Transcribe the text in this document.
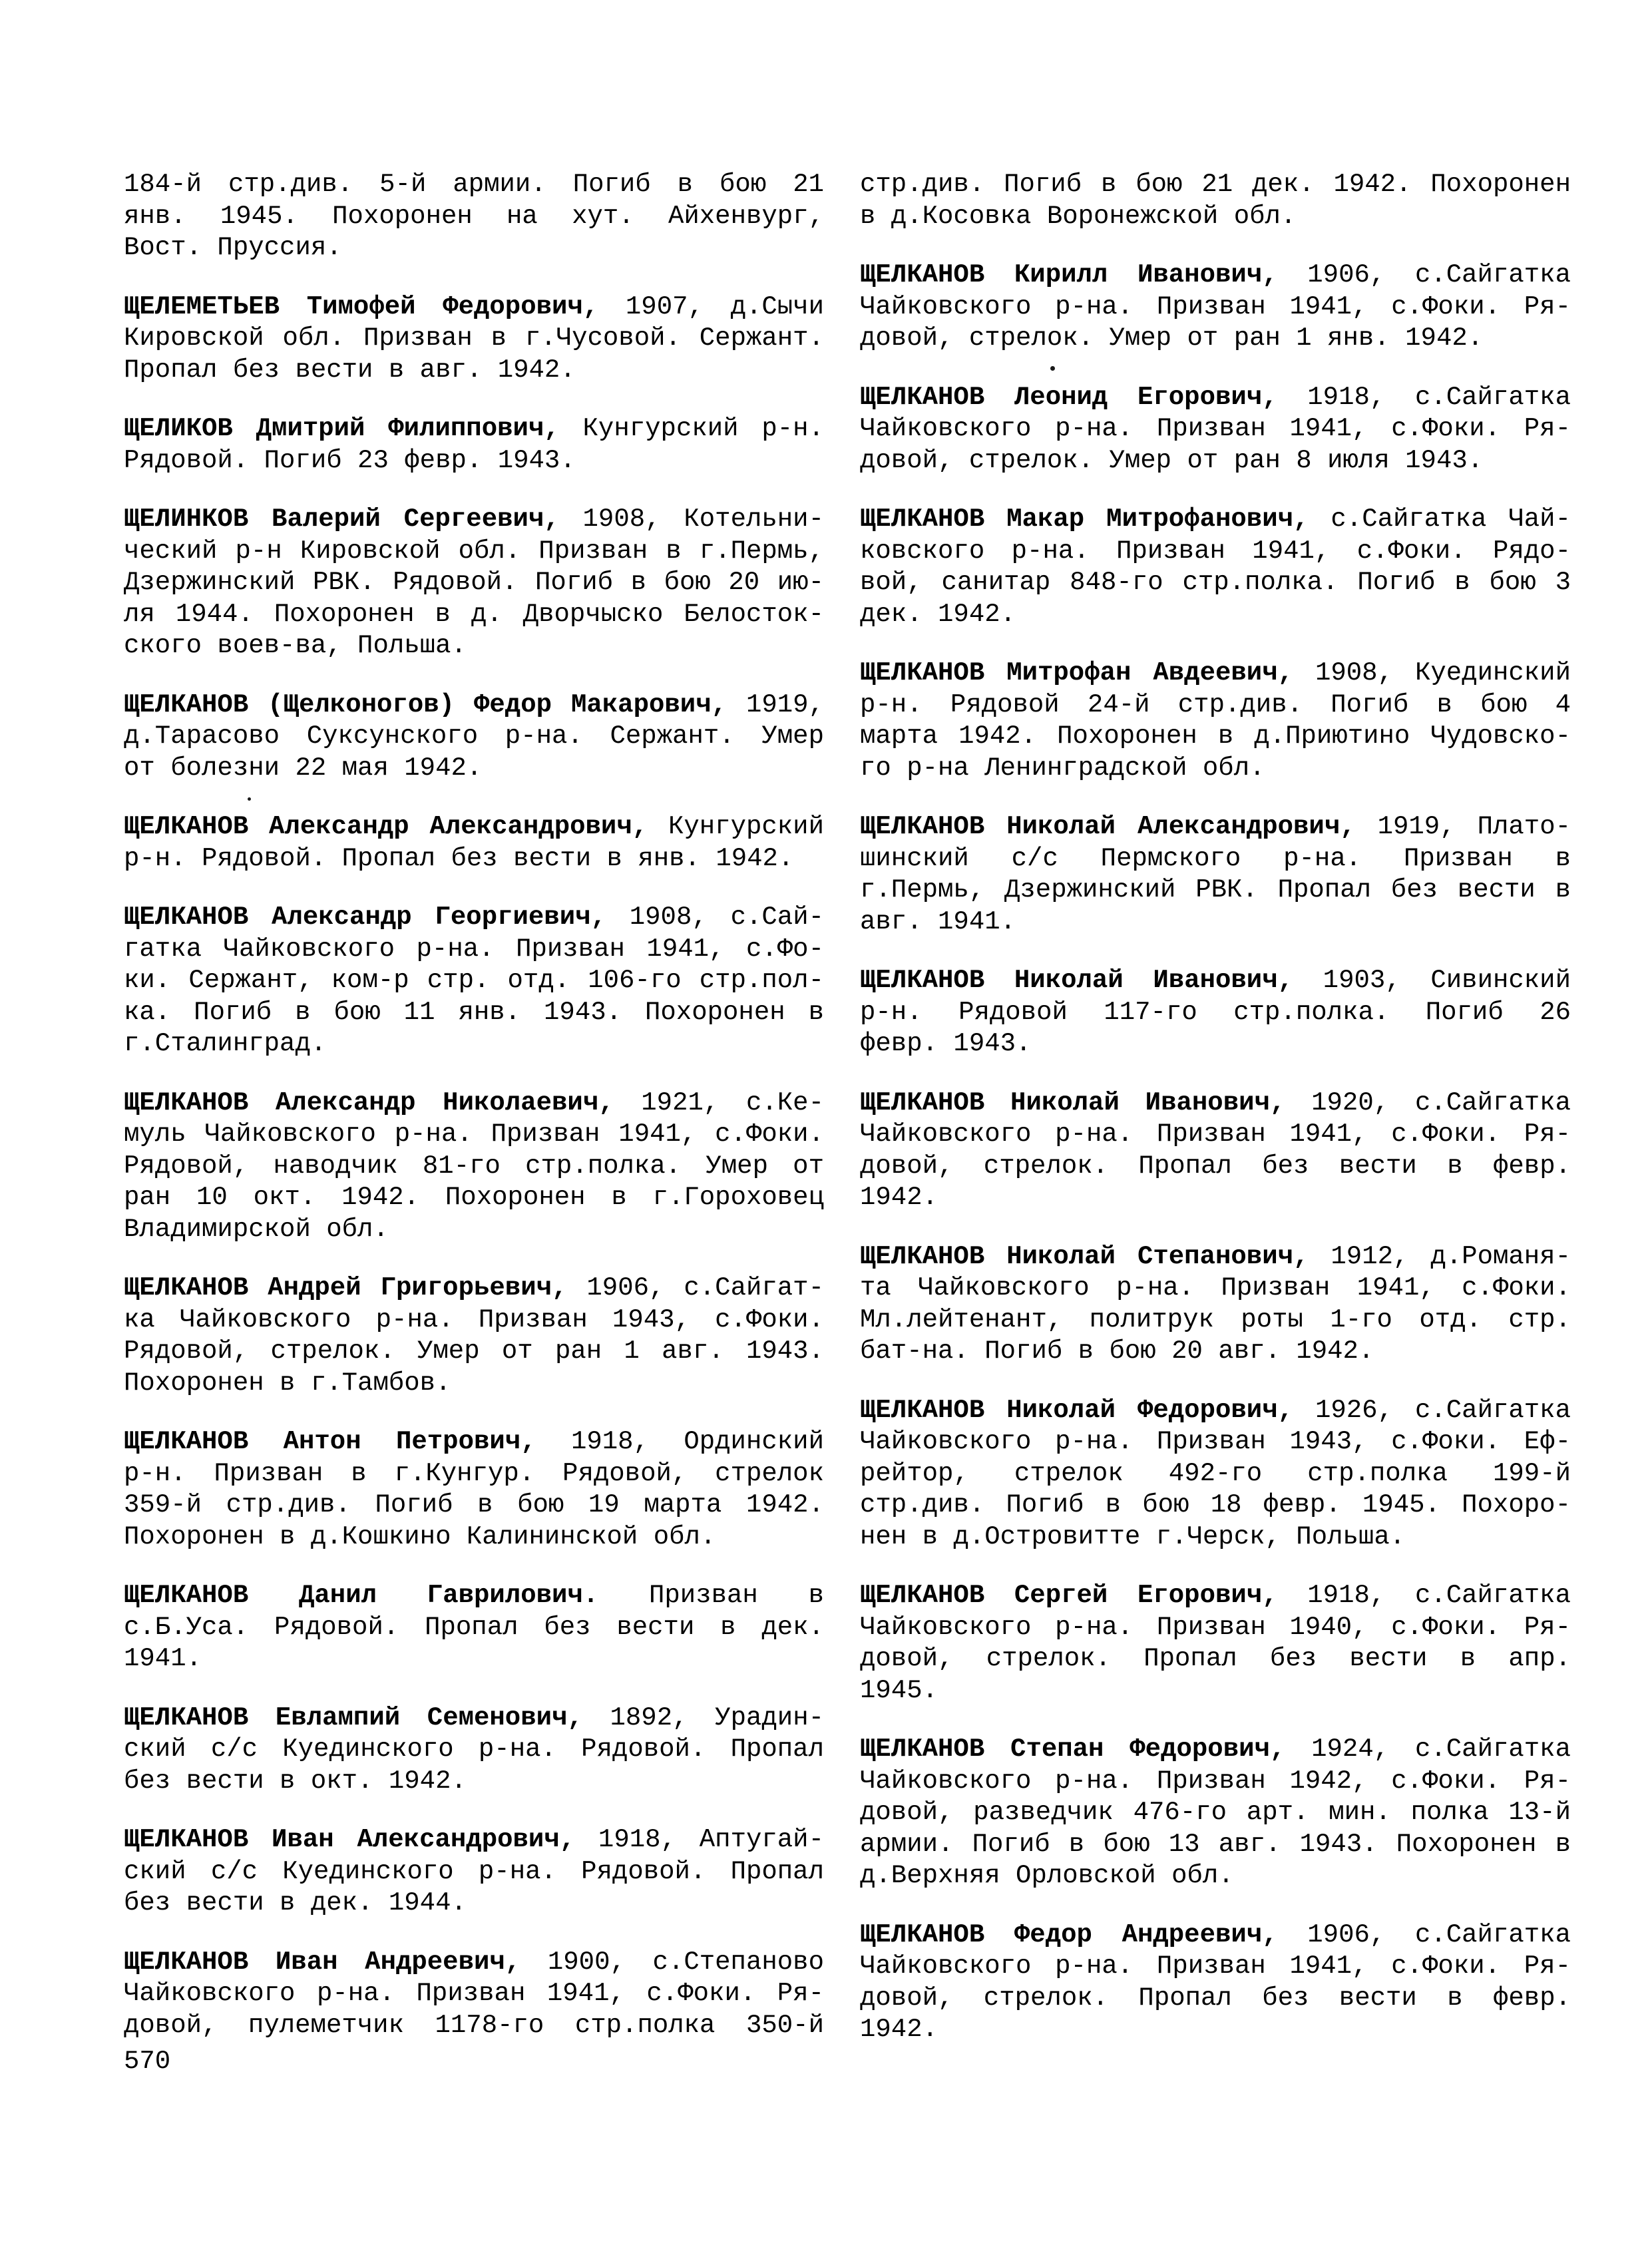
184-й стр.див. 5-й армии. Погиб в бою 21
янв. 1945. Похоронен на хут. Айхенвург,
Вост. Пруссия.
ЩЕЛЕМЕТЬЕВ Тимофей Федорович, 1907, д.Сычи
Кировской обл. Призван в г.Чусовой. Сержант.
Пропал без вести в авг. 1942.
ЩЕЛИКОВ Дмитрий Филиппович, Кунгурский р-н.
Рядовой. Погиб 23 февр. 1943.
ЩЕЛИНКОВ Валерий Сергеевич, 1908, Котельни-
ческий р-н Кировской обл. Призван в г.Пермь,
Дзержинский РВК. Рядовой. Погиб в бою 20 ию-
ля 1944. Похоронен в д. Дворчыско Белосток-
ского воев-ва, Польша.
ЩЕЛКАНОВ (Щелконогов) Федор Макарович, 1919,
д.Тарасово Суксунского р-на. Сержант. Умер
от болезни 22 мая 1942.
ЩЕЛКАНОВ Александр Александрович, Кунгурский
р-н. Рядовой. Пропал без вести в янв. 1942.
ЩЕЛКАНОВ Александр Георгиевич, 1908, с.Сай-
гатка Чайковского р-на. Призван 1941, с.Фо-
ки. Сержант, ком-р стр. отд. 106-го стр.пол-
ка. Погиб в бою 11 янв. 1943. Похоронен в
г.Сталинград.
ЩЕЛКАНОВ Александр Николаевич, 1921, с.Ке-
муль Чайковского р-на. Призван 1941, с.Фоки.
Рядовой, наводчик 81-го стр.полка. Умер от
ран 10 окт. 1942. Похоронен в г.Гороховец
Владимирской обл.
ЩЕЛКАНОВ Андрей Григорьевич, 1906, с.Сайгат-
ка Чайковского р-на. Призван 1943, с.Фоки.
Рядовой, стрелок. Умер от ран 1 авг. 1943.
Похоронен в г.Тамбов.
ЩЕЛКАНОВ Антон Петрович, 1918, Ординский
р-н. Призван в г.Кунгур. Рядовой, стрелок
359-й стр.див. Погиб в бою 19 марта 1942.
Похоронен в д.Кошкино Калининской обл.
ЩЕЛКАНОВ Данил Гаврилович. Призван в
с.Б.Уса. Рядовой. Пропал без вести в дек.
1941.
ЩЕЛКАНОВ Евлампий Семенович, 1892, Урадин-
ский с/с Куединского р-на. Рядовой. Пропал
без вести в окт. 1942.
ЩЕЛКАНОВ Иван Александрович, 1918, Аптугай-
ский с/с Куединского р-на. Рядовой. Пропал
без вести в дек. 1944.
ЩЕЛКАНОВ Иван Андреевич, 1900, с.Степаново
Чайковского р-на. Призван 1941, с.Фоки. Ря-
довой, пулеметчик 1178-го стр.полка 350-й
стр.див. Погиб в бою 21 дек. 1942. Похоронен
в д.Косовка Воронежской обл.
ЩЕЛКАНОВ Кирилл Иванович, 1906, с.Сайгатка
Чайковского р-на. Призван 1941, с.Фоки. Ря-
довой, стрелок. Умер от ран 1 янв. 1942.
ЩЕЛКАНОВ Леонид Егорович, 1918, с.Сайгатка
Чайковского р-на. Призван 1941, с.Фоки. Ря-
довой, стрелок. Умер от ран 8 июля 1943.
ЩЕЛКАНОВ Макар Митрофанович, с.Сайгатка Чай-
ковского р-на. Призван 1941, с.Фоки. Рядо-
вой, санитар 848-го стр.полка. Погиб в бою 3
дек. 1942.
ЩЕЛКАНОВ Митрофан Авдеевич, 1908, Куединский
р-н. Рядовой 24-й стр.див. Погиб в бою 4
марта 1942. Похоронен в д.Приютино Чудовско-
го р-на Ленинградской обл.
ЩЕЛКАНОВ Николай Александрович, 1919, Плато-
шинский с/с Пермского р-на. Призван в
г.Пермь, Дзержинский РВК. Пропал без вести в
авг. 1941.
ЩЕЛКАНОВ Николай Иванович, 1903, Сивинский
р-н. Рядовой 117-го стр.полка. Погиб 26
февр. 1943.
ЩЕЛКАНОВ Николай Иванович, 1920, с.Сайгатка
Чайковского р-на. Призван 1941, с.Фоки. Ря-
довой, стрелок. Пропал без вести в февр.
1942.
ЩЕЛКАНОВ Николай Степанович, 1912, д.Романя-
та Чайковского р-на. Призван 1941, с.Фоки.
Мл.лейтенант, политрук роты 1-го отд. стр.
бат-на. Погиб в бою 20 авг. 1942.
ЩЕЛКАНОВ Николай Федорович, 1926, с.Сайгатка
Чайковского р-на. Призван 1943, с.Фоки. Еф-
рейтор, стрелок 492-го стр.полка 199-й
стр.див. Погиб в бою 18 февр. 1945. Похоро-
нен в д.Островитте г.Черск, Польша.
ЩЕЛКАНОВ Сергей Егорович, 1918, с.Сайгатка
Чайковского р-на. Призван 1940, с.Фоки. Ря-
довой, стрелок. Пропал без вести в апр.
1945.
ЩЕЛКАНОВ Степан Федорович, 1924, с.Сайгатка
Чайковского р-на. Призван 1942, с.Фоки. Ря-
довой, разведчик 476-го арт. мин. полка 13-й
армии. Погиб в бою 13 авг. 1943. Похоронен в
д.Верхняя Орловской обл.
ЩЕЛКАНОВ Федор Андреевич, 1906, с.Сайгатка
Чайковского р-на. Призван 1941, с.Фоки. Ря-
довой, стрелок. Пропал без вести в февр.
1942.
570
